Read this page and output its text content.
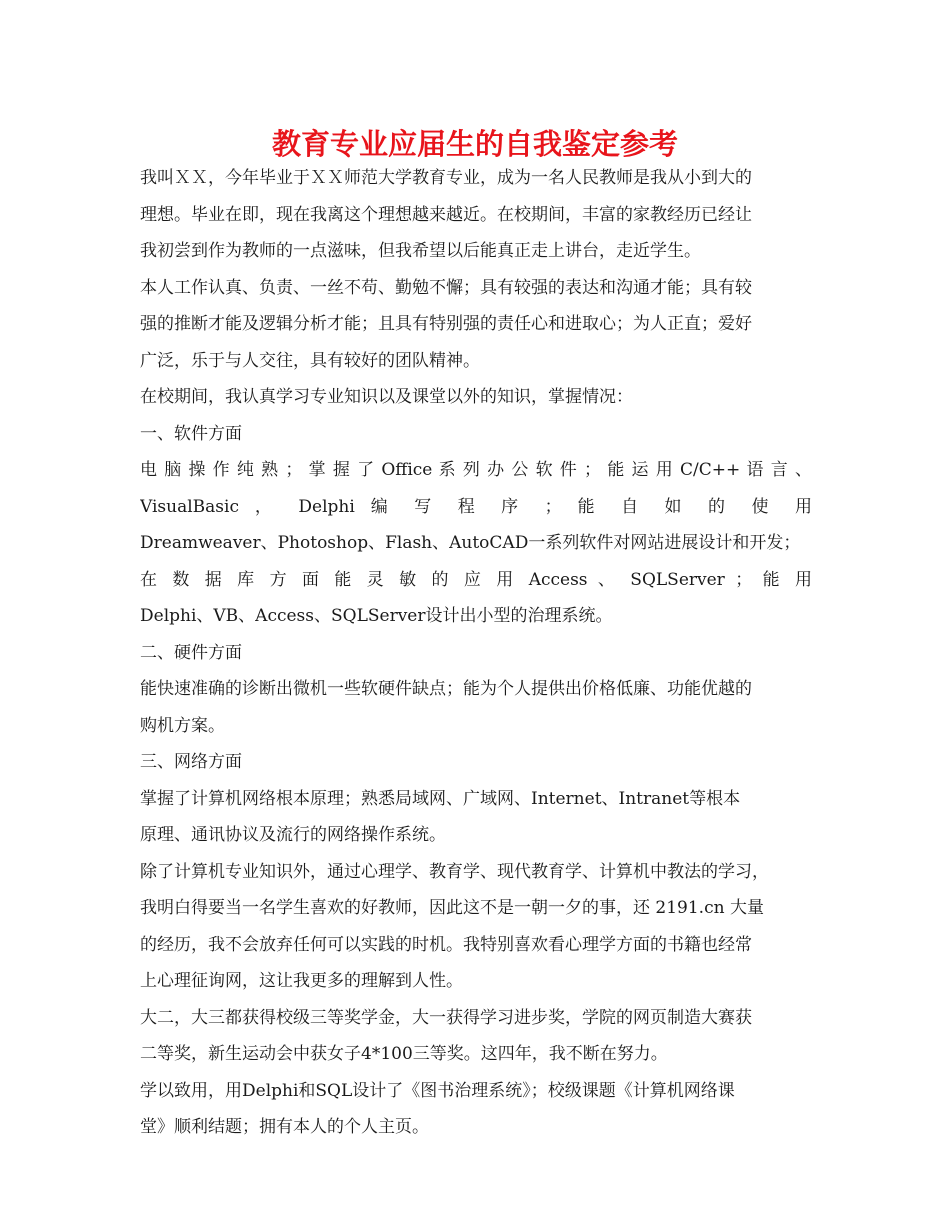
教育专业应届生的自我鉴定参考

我叫ＸＸ，今年毕业于ＸＸ师范大学教育专业，成为一名人民教师是我从小到大的

理想。毕业在即，现在我离这个理想越来越近。在校期间，丰富的家教经历已经让

我初尝到作为教师的一点滋味，但我希望以后能真正走上讲台，走近学生。

本人工作认真、负责、一丝不苟、勤勉不懈；具有较强的表达和沟通才能；具有较

强的推断才能及逻辑分析才能；且具有特别强的责任心和进取心；为人正直；爱好

广泛，乐于与人交往，具有较好的团队精神。

在校期间，我认真学习专业知识以及课堂以外的知识，掌握情况：

一、软件方面

电 脑 操 作 纯 熟 ； 掌 握 了 Office 系 列 办 公 软 件 ； 能 运 用 C/C++ 语 言 、

VisualBasic ， Delphi 编 写 程 序 ； 能 自 如 的 使 用

Dreamweaver、Photoshop、Flash、AutoCAD一系列软件对网站进展设计和开发；

在 数 据 库 方 面 能 灵 敏 的 应 用 Access 、 SQLServer ； 能 用

Delphi、VB、Access、SQLServer设计出小型的治理系统。

二、硬件方面

能快速准确的诊断出微机一些软硬件缺点；能为个人提供出价格低廉、功能优越的

购机方案。

三、网络方面

掌握了计算机网络根本原理；熟悉局域网、广域网、Internet、Intranet等根本

原理、通讯协议及流行的网络操作系统。

除了计算机专业知识外，通过心理学、教育学、现代教育学、计算机中教法的学习，

我明白得要当一名学生喜欢的好教师，因此这不是一朝一夕的事，还 2191.cn 大量

的经历，我不会放弃任何可以实践的时机。我特别喜欢看心理学方面的书籍也经常

上心理征询网，这让我更多的理解到人性。

大二，大三都获得校级三等奖学金，大一获得学习进步奖，学院的网页制造大赛获

二等奖，新生运动会中获女子4*100三等奖。这四年，我不断在努力。

学以致用，用Delphi和SQL设计了《图书治理系统》；校级课题《计算机网络课

堂》顺利结题；拥有本人的个人主页。
